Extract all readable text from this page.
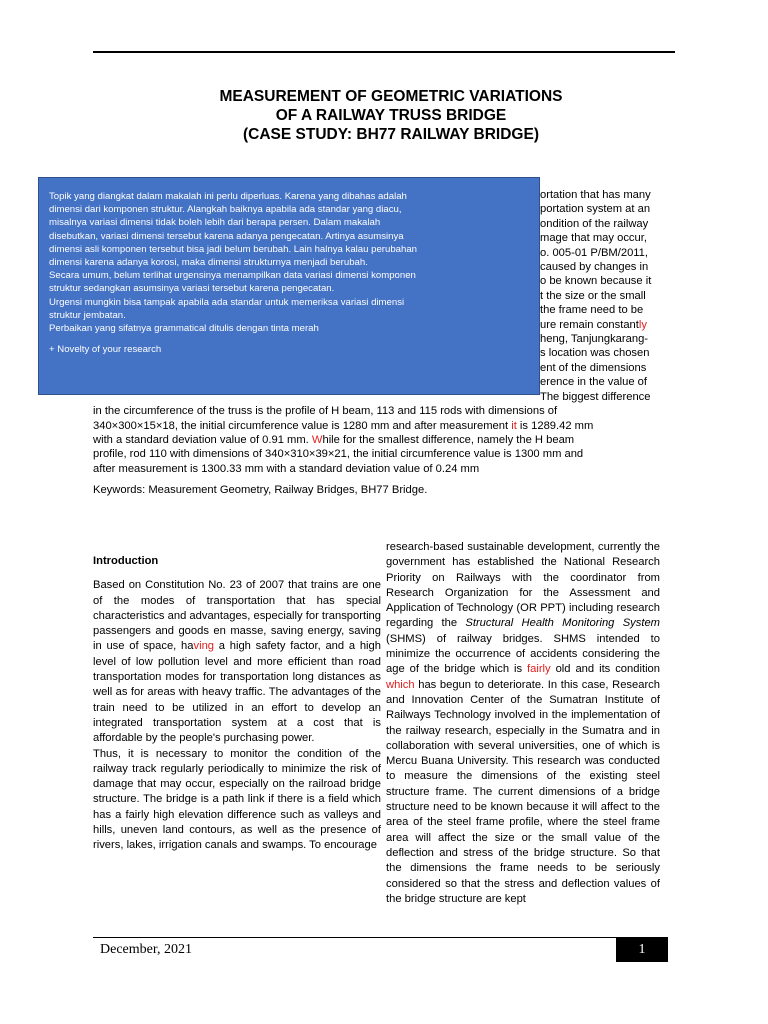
MEASUREMENT OF GEOMETRIC VARIATIONS
OF A RAILWAY TRUSS BRIDGE
(CASE STUDY: BH77 RAILWAY BRIDGE)
ortation that has many
portation system at an
ondition of the railway
mage that may occur,
o. 005-01 P/BM/2011,
caused by changes in
o be known because it
t the size or the small
the frame need to be
ure remain constantly
heng, Tanjungkarang-
s location was chosen
ent of the dimensions
erence in the value of
The biggest difference
in the circumference of the truss is the profile of H beam, 113 and 115 rods with dimensions of
340×300×15×18, the initial circumference value is 1280 mm and after measurement it is 1289.42 mm
with a standard deviation value of 0.91 mm. While for the smallest difference, namely the H beam
profile, rod 110 with dimensions of 340×310×39×21, the initial circumference value is 1300 mm and
after measurement is 1300.33 mm with a standard deviation value of 0.24 mm
Keywords: Measurement Geometry, Railway Bridges, BH77 Bridge.

Introduction

Based on Constitution No. 23 of 2007 that trains are one of the modes of transportation that has special characteristics and advantages, especially for transporting passengers and goods en masse, saving energy, saving in use of space, having a high safety factor, and a high level of low pollution level and more efficient than road transportation modes for transportation long distances as well as for areas with heavy traffic. The advantages of the train need to be utilized in an effort to develop an integrated transportation system at a cost that is affordable by the people's purchasing power.

Thus, it is necessary to monitor the condition of the railway track regularly periodically to minimize the risk of damage that may occur, especially on the railroad bridge structure. The bridge is a path link if there is a field which has a fairly high elevation difference such as valleys and hills, uneven land contours, as well as the presence of rivers, lakes, irrigation canals and swamps. To encourage

research-based sustainable development, currently the government has established the National Research Priority on Railways with the coordinator from Research Organization for the Assessment and Application of Technology (OR PPT) including research regarding the Structural Health Monitoring System (SHMS) of railway bridges. SHMS intended to minimize the occurrence of accidents considering the age of the bridge which is fairly old and its condition which has begun to deteriorate. In this case, Research and Innovation Center of the Sumatran Institute of Railways Technology involved in the implementation of the railway research, especially in the Sumatra and in collaboration with several universities, one of which is Mercu Buana University. This research was conducted to measure the dimensions of the existing steel structure frame. The current dimensions of a bridge structure need to be known because it will affect to the area of the steel frame profile, where the steel frame area will affect the size or the small value of the deflection and stress of the bridge structure. So that the dimensions the frame needs to be seriously considered so that the stress and deflection values of the bridge structure are kept

Topik yang diangkat dalam makalah ini perlu diperluas. Karena yang dibahas adalah

dimensi dari komponen struktur. Alangkah baiknya apabila ada standar yang diacu,

misalnya variasi dimensi tidak boleh lebih dari berapa persen. Dalam makalah

disebutkan, variasi dimensi tersebut karena adanya pengecatan. Artinya asumsinya

dimensi asli komponen tersebut bisa jadi belum berubah. Lain halnya kalau perubahan

dimensi karena adanya korosi, maka dimensi strukturnya menjadi berubah.

Secara umum, belum terlihat urgensinya menampilkan data variasi dimensi komponen

struktur sedangkan asumsinya variasi tersebut karena pengecatan.

Urgensi mungkin bisa tampak apabila ada standar untuk memeriksa variasi dimensi

struktur jembatan.

Perbaikan yang sifatnya grammatical ditulis dengan tinta merah

+ Novelty of your research

December, 2021	1
